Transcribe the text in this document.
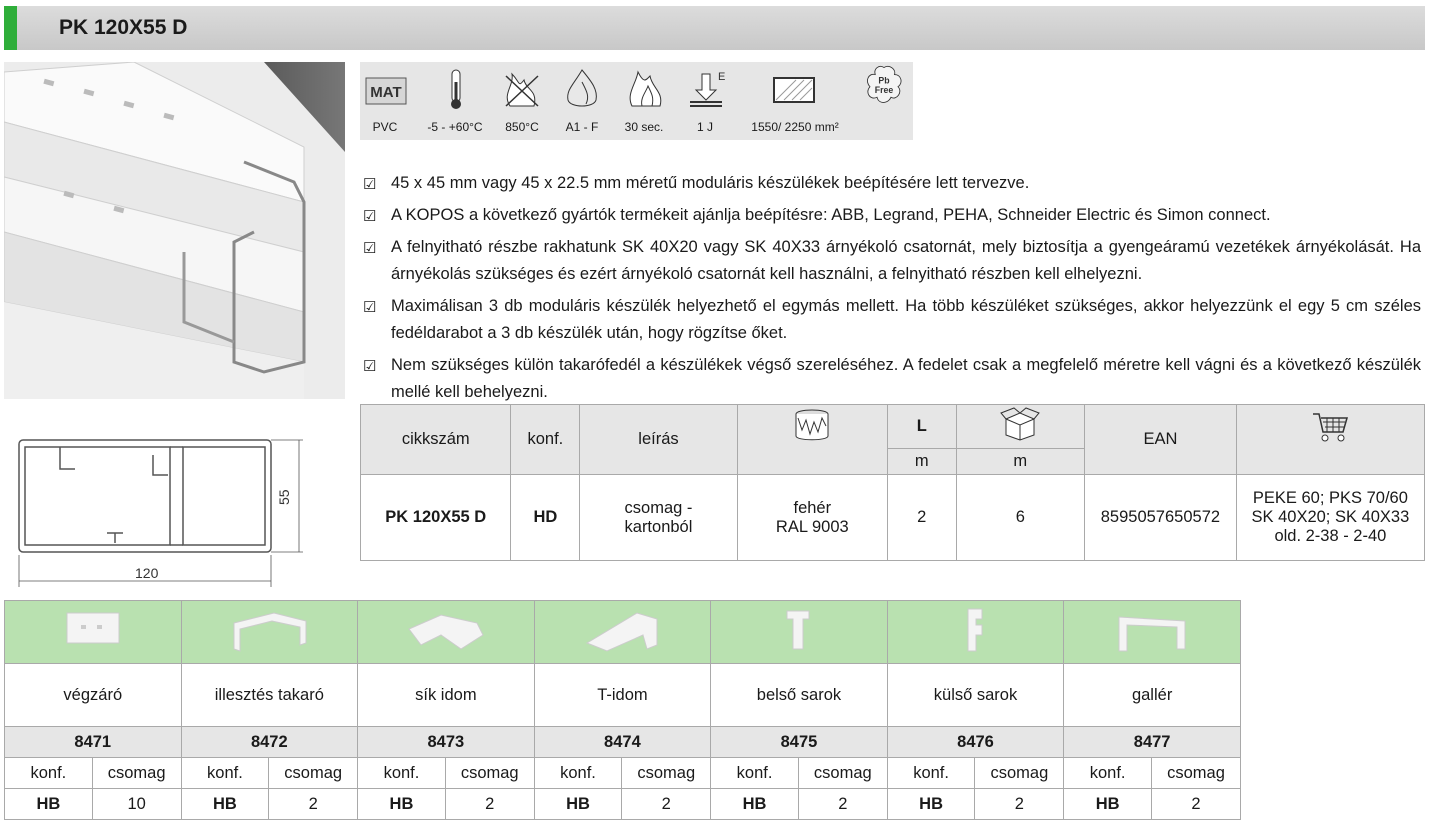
PK 120X55 D
120
55
MAT
E	Pb
Free
PVC	-5 - +60°C 850°C A1 - F 30 sec.	1 J	1550/ 2250 mm²
☑ 45 x 45 mm vagy 45 x 22.5 mm méretű moduláris készülékek beépítésére lett tervezve.
☑ A KOPOS a következő gyártók termékeit ajánlja beépítésre: ABB, Legrand, PEHA, Schneider Electric és Simon connect.
☑ A felnyitható részbe rakhatunk SK 40X20 vagy SK 40X33 árnyékoló csatornát, mely biztosítja a gyengeáramú vezetékek árnyékolását. Ha árnyékolás szükséges és ezért árnyékoló csatornát kell használni, a felnyitható részben kell elhelyezni.
☑ Maximálisan 3 db moduláris készülék helyezhető el egymás mellett. Ha több készüléket szükséges, akkor helyezzünk el egy 5 cm széles fedéldarabot a 3 db készülék után, hogy rögzítse őket.
☑ Nem szükséges külön takarófedél a készülékek végső szereléséhez. A fedelet csak a megfelelő méretre kell vágni és a következő készülék mellé kell behelyezni.
cikkszám	konf.	leírás		L		EAN	
				m	m		
PK 120X55 D	HD	csomag -
kartonból	fehér
RAL 9003	2	6	8595057650572	PEKE 60; PKS 70/60
SK 40X20; SK 40X33
old. 2-38 - 2-40

végzáró		illesztés takaró		sík idom		T-idom		belső sarok		külső sarok		gallér	
8471		8472		8473		8474		8475		8476		8477	
konf.	csomag	konf.	csomag	konf.	csomag	konf.	csomag	konf.	csomag	konf.	csomag	konf.	csomag
HB	10	HB	2	HB	2	HB	2	HB	2	HB	2	HB	2
